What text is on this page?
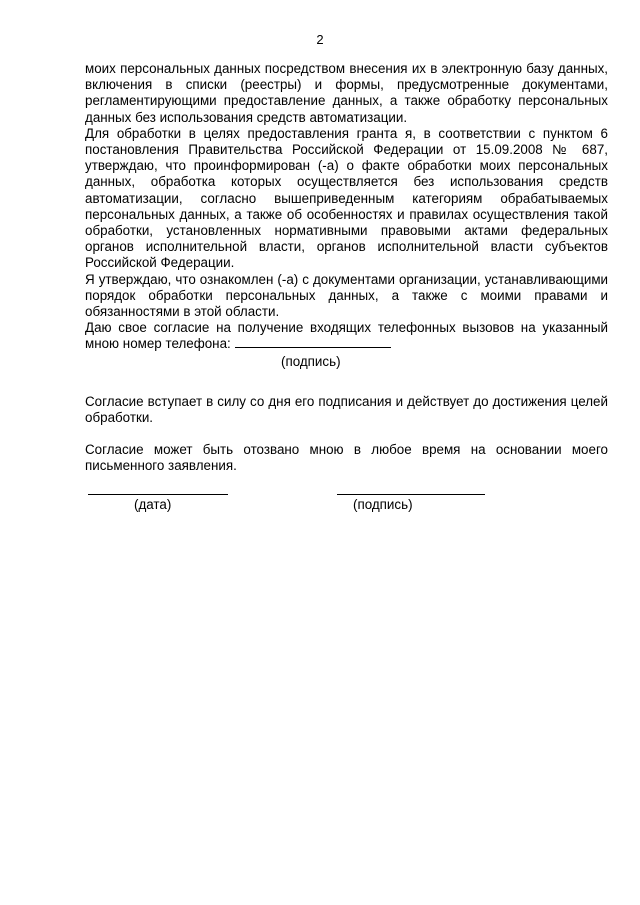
2

моих персональных данных посредством внесения их в электронную базу данных, включения в списки (реестры) и формы, предусмотренные документами, регламентирующими предоставление данных, а также обработку персональных данных без использования средств автоматизации.

Для обработки в целях предоставления гранта я, в соответствии с пунктом 6 постановления Правительства Российской Федерации от 15.09.2008 № 687, утверждаю, что проинформирован (-а) о факте обработки моих персональных данных, обработка которых осуществляется без использования средств автоматизации, согласно вышеприведенным категориям обрабатываемых персональных данных, а также об особенностях и правилах осуществления такой обработки, установленных нормативными правовыми актами федеральных органов исполнительной власти, органов исполнительной власти субъектов Российской Федерации.

Я утверждаю, что ознакомлен (-а) с документами организации, устанавливающими порядок обработки персональных данных, а также с моими правами и обязанностями в этой области.

Даю свое согласие на получение входящих телефонных вызовов на указанный мною номер телефона:

(подпись)

Согласие вступает в силу со дня его подписания и действует до достижения целей обработки.

Согласие может быть отозвано мною в любое время на основании моего письменного заявления.

(дата)	(подпись)
